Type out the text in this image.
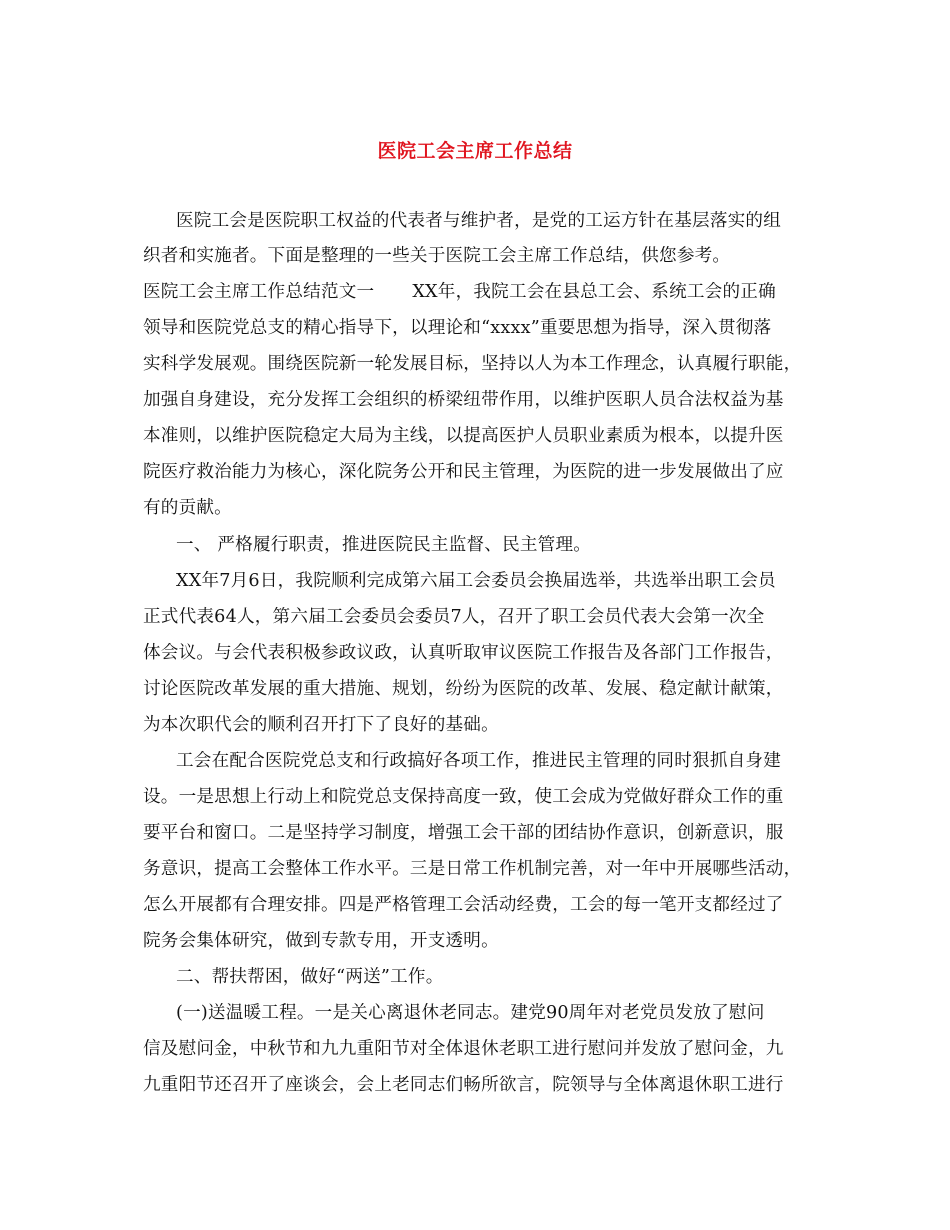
医院工会主席工作总结
医院工会是医院职工权益的代表者与维护者，是党的工运方针在基层落实的组
织者和实施者。下面是整理的一些关于医院工会主席工作总结，供您参考。
医院工会主席工作总结范文一 XX年，我院工会在县总工会、系统工会的正确
领导和医院党总支的精心指导下，以理论和“xxxx”重要思想为指导，深入贯彻落
实科学发展观。围绕医院新一轮发展目标，坚持以人为本工作理念，认真履行职能，
加强自身建设，充分发挥工会组织的桥梁纽带作用，以维护医职人员合法权益为基
本准则，以维护医院稳定大局为主线，以提高医护人员职业素质为根本，以提升医
院医疗救治能力为核心，深化院务公开和民主管理，为医院的进一步发展做出了应
有的贡献。
一、 严格履行职责，推进医院民主监督、民主管理。
XX年7月6日，我院顺利完成第六届工会委员会换届选举，共选举出职工会员
正式代表64人，第六届工会委员会委员7人，召开了职工会员代表大会第一次全
体会议。与会代表积极参政议政，认真听取审议医院工作报告及各部门工作报告，
讨论医院改革发展的重大措施、规划，纷纷为医院的改革、发展、稳定献计献策，
为本次职代会的顺利召开打下了良好的基础。
工会在配合医院党总支和行政搞好各项工作，推进民主管理的同时狠抓自身建
设。一是思想上行动上和院党总支保持高度一致，使工会成为党做好群众工作的重
要平台和窗口。二是坚持学习制度，增强工会干部的团结协作意识，创新意识，服
务意识，提高工会整体工作水平。三是日常工作机制完善，对一年中开展哪些活动，
怎么开展都有合理安排。四是严格管理工会活动经费，工会的每一笔开支都经过了
院务会集体研究，做到专款专用，开支透明。
二、帮扶帮困，做好“两送”工作。
(一)送温暖工程。一是关心离退休老同志。建党90周年对老党员发放了慰问
信及慰问金，中秋节和九九重阳节对全体退休老职工进行慰问并发放了慰问金，九
九重阳节还召开了座谈会，会上老同志们畅所欲言，院领导与全体离退休职工进行
